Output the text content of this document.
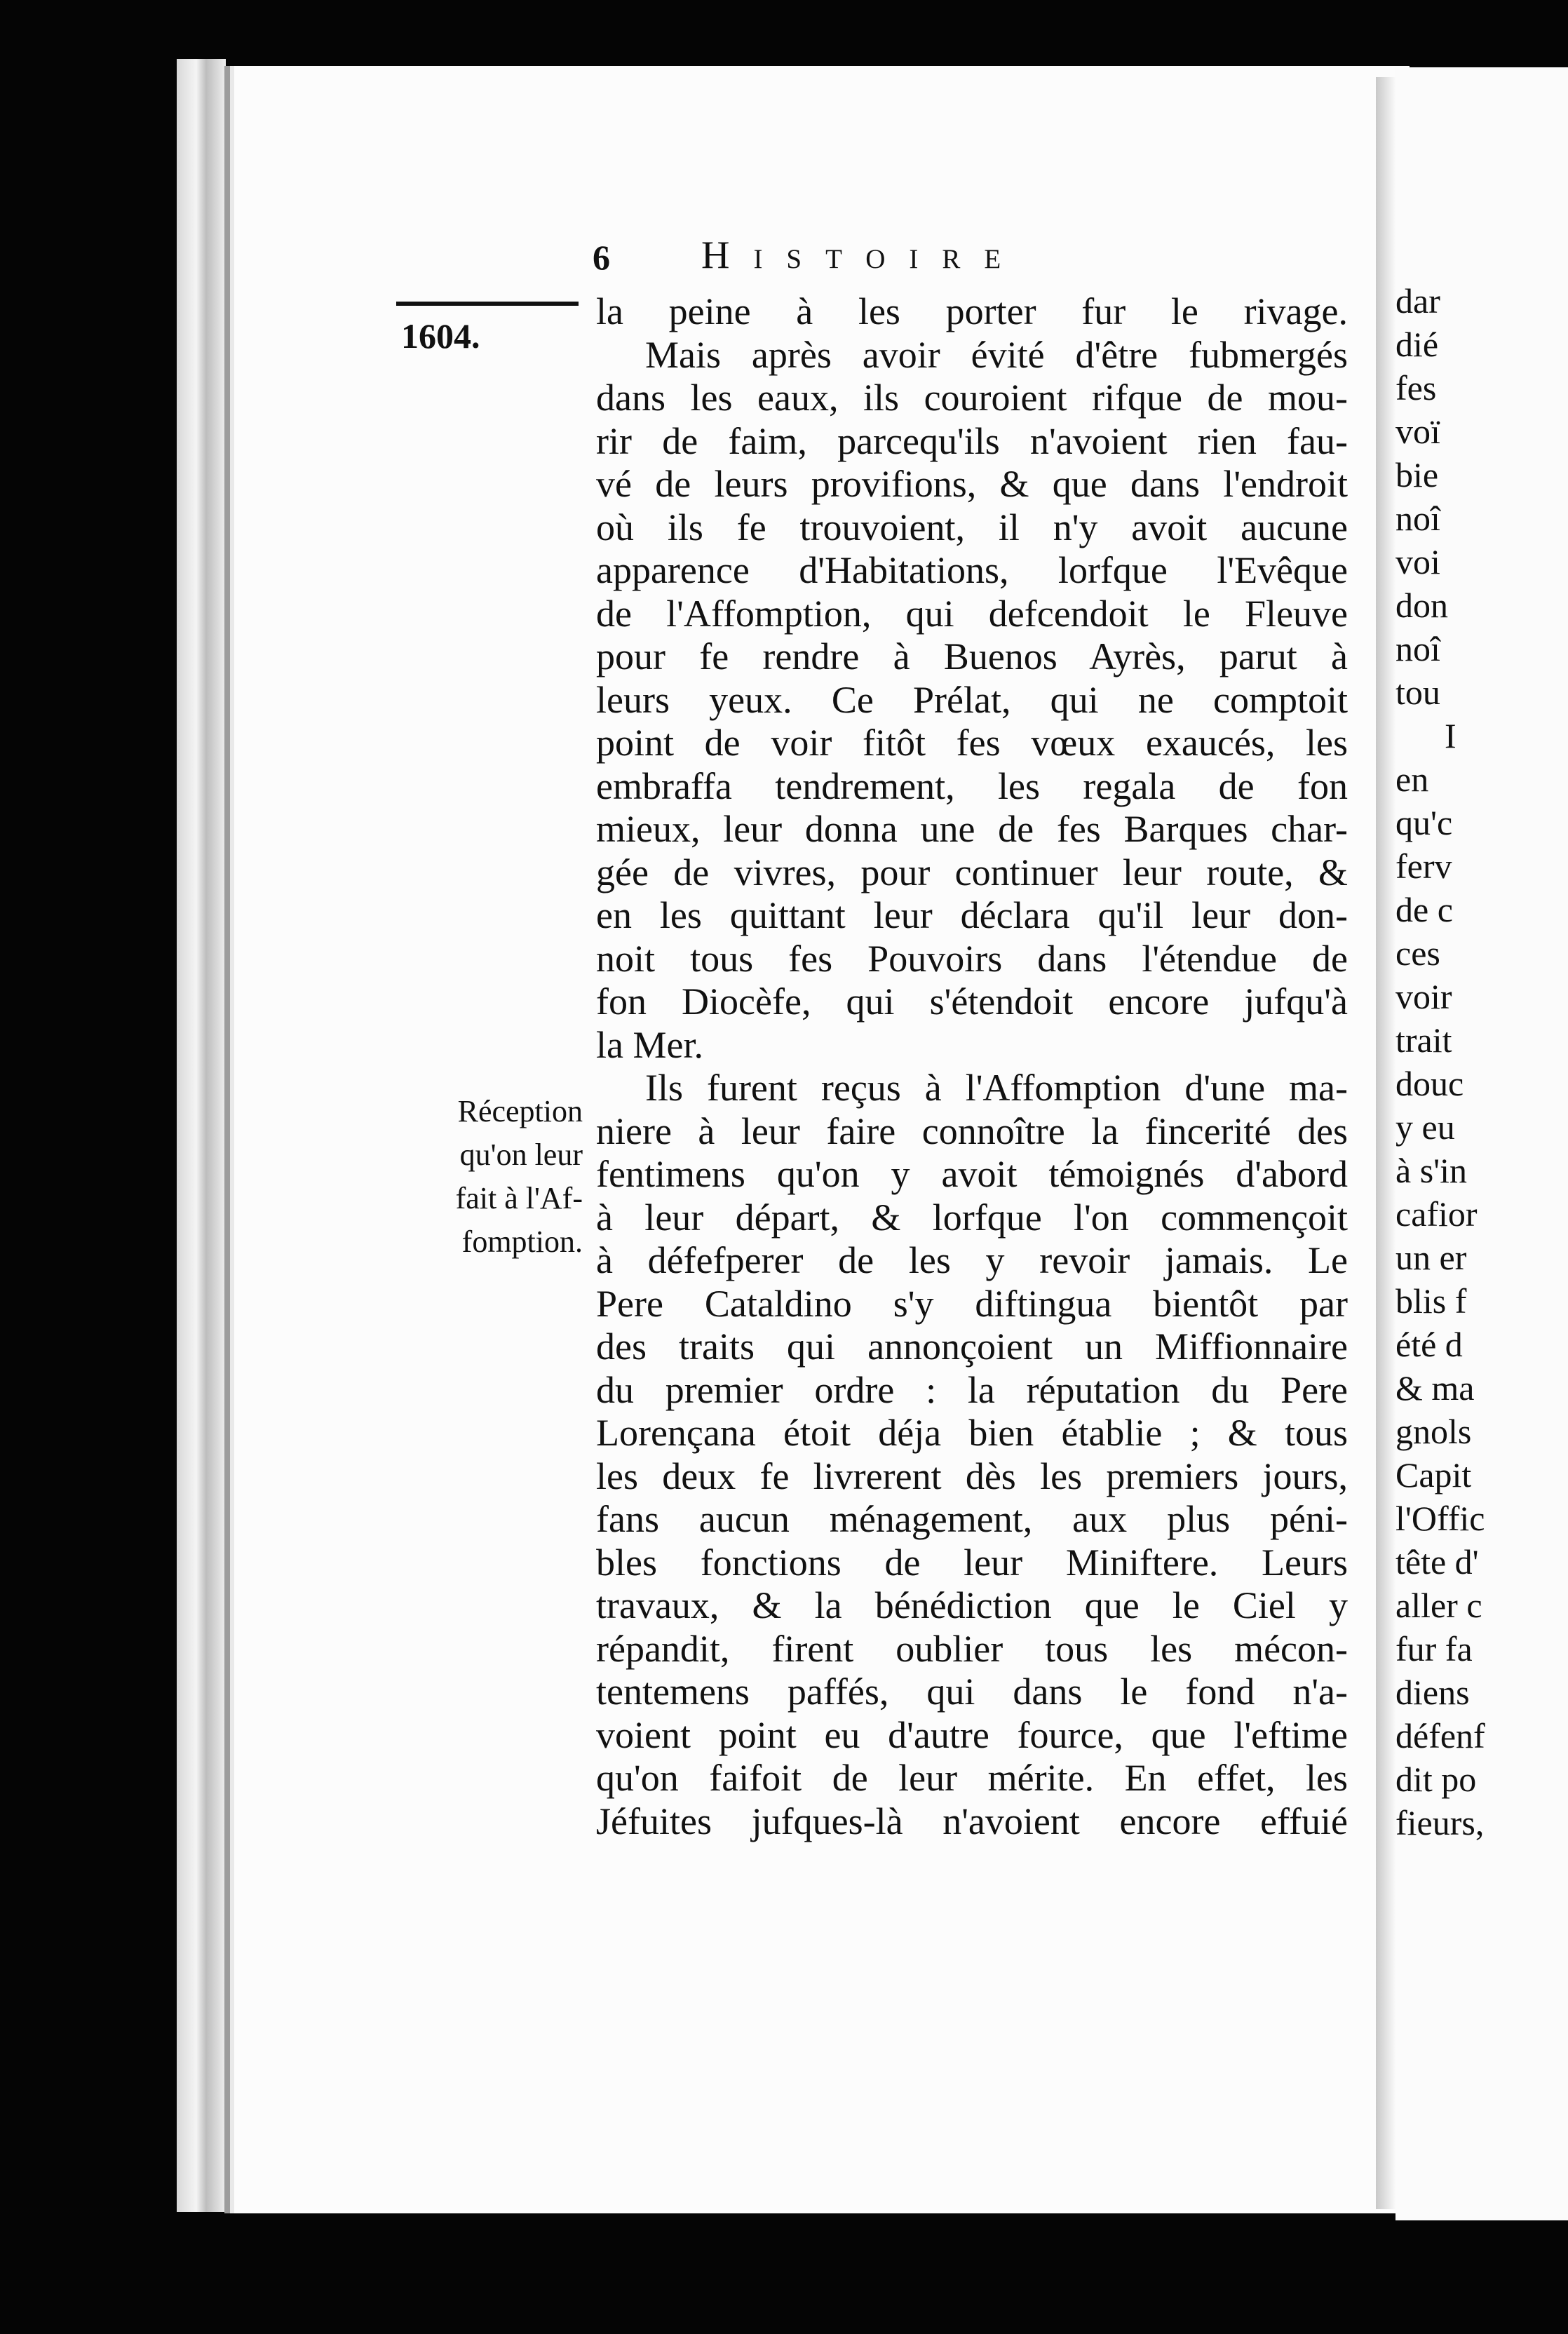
6 Histoire
1604.
Réception
qu'on leur
fait à l'Af-
fomption.
la peine à les porter fur le rivage.
Mais après avoir évité d'être fubmergés
dans les eaux, ils couroient rifque de mou-
rir de faim, parcequ'ils n'avoient rien fau-
vé de leurs provifions, & que dans l'endroit
où ils fe trouvoient, il n'y avoit aucune
apparence d'Habitations, lorfque l'Evêque
de l'Affomption, qui defcendoit le Fleuve
pour fe rendre à Buenos Ayrès, parut à
leurs yeux. Ce Prélat, qui ne comptoit
point de voir fitôt fes vœux exaucés, les
embraffa tendrement, les regala de fon
mieux, leur donna une de fes Barques char-
gée de vivres, pour continuer leur route, &
en les quittant leur déclara qu'il leur don-
noit tous fes Pouvoirs dans l'étendue de
fon Diocèfe, qui s'étendoit encore jufqu'à
la Mer.
Ils furent reçus à l'Affomption d'une ma-
niere à leur faire connoître la fincerité des
fentimens qu'on y avoit témoignés d'abord
à leur départ, & lorfque l'on commençoit
à défefperer de les y revoir jamais. Le
Pere Cataldino s'y diftingua bientôt par
des traits qui annonçoient un Miffionnaire
du premier ordre : la réputation du Pere
Lorençana étoit déja bien établie ; & tous
les deux fe livrerent dès les premiers jours,
fans aucun ménagement, aux plus péni-
bles fonctions de leur Miniftere. Leurs
travaux, & la bénédiction que le Ciel y
répandit, firent oublier tous les mécon-
tentemens paffés, qui dans le fond n'a-
voient point eu d'autre fource, que l'eftime
qu'on faifoit de leur mérite. En effet, les
Jéfuites jufques-là n'avoient encore effuié
dar
dié
fes
voï
bie
noî
voi
don
noî
tou
I
en
qu'c
ferv
de c
ces
voir
trait
douc
y eu
à s'in
cafior
un er
blis f
été d
& ma
gnols
Capit
l'Offic
tête d'
aller c
fur fa
diens
défenf
dit po
fieurs,
